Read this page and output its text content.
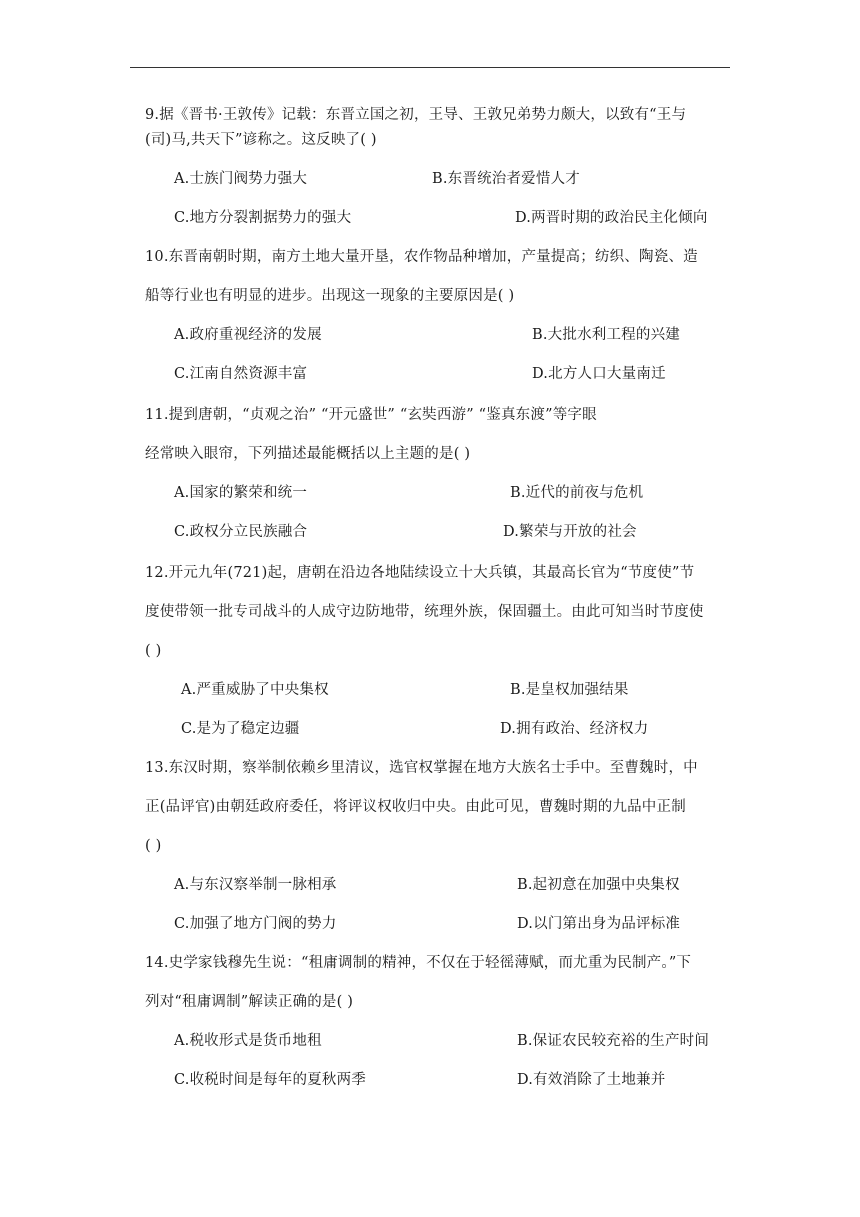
9.据《晋书·王敦传》记载：东晋立国之初，王导、王敦兄弟势力颇大，以致有“王与
(司)马,共天下”谚称之。这反映了( )
A.士族门阀势力强大	B.东晋统治者爱惜人才
C.地方分裂割据势力的强大	D.两晋时期的政治民主化倾向
10.东晋南朝时期，南方土地大量开垦，农作物品种增加，产量提高；纺织、陶瓷、造
船等行业也有明显的进步。出现这一现象的主要原因是( )
A.政府重视经济的发展	B.大批水利工程的兴建
C.江南自然资源丰富	D.北方人口大量南迁
11.提到唐朝，“贞观之治” “开元盛世” “玄奘西游” “鉴真东渡”等字眼
经常映入眼帘，下列描述最能概括以上主题的是( )
A.国家的繁荣和统一	B.近代的前夜与危机
C.政权分立民族融合	D.繁荣与开放的社会
12.开元九年(721)起，唐朝在沿边各地陆续设立十大兵镇，其最高长官为“节度使”节
度使带领一批专司战斗的人成守边防地带，统理外族，保固疆土。由此可知当时节度使
( )
A.严重威胁了中央集权	B.是皇权加强结果
C.是为了稳定边疆	D.拥有政治、经济权力
13.东汉时期，察举制依赖乡里清议，选官权掌握在地方大族名士手中。至曹魏时，中
正(品评官)由朝廷政府委任，将评议权收归中央。由此可见，曹魏时期的九品中正制
( )
A.与东汉察举制一脉相承	B.起初意在加强中央集权
C.加强了地方门阀的势力	D.以门第出身为品评标准
14.史学家钱穆先生说：“租庸调制的精神，不仅在于轻徭薄赋，而尤重为民制产。”下
列对“租庸调制”解读正确的是( )
A.税收形式是货币地租	B.保证农民较充裕的生产时间
C.收税时间是每年的夏秋两季	D.有效消除了土地兼并
